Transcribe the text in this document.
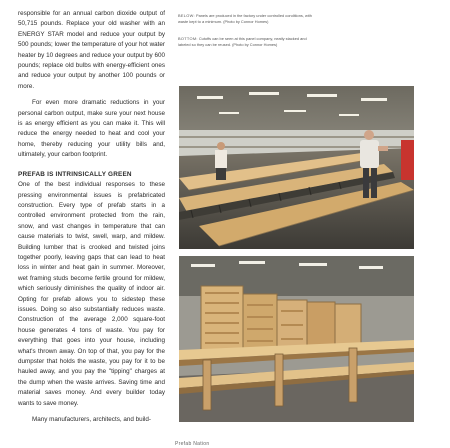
· · ·

responsible for an annual carbon dioxide output of 50,715 pounds. Replace your old washer with an ENERGY STAR model and reduce your output by 500 pounds; lower the temperature of your hot water heater by 10 degrees and reduce your output by 600 pounds; replace old bulbs with energy-efficient ones and reduce your output by another 100 pounds or more.

For even more dramatic reductions in your personal carbon output, make sure your next house is as energy efficient as you can make it. This will reduce the energy needed to heat and cool your home, thereby reducing your utility bills and, ultimately, your carbon footprint.

PREFAB IS INTRINSICALLY GREEN

One of the best individual responses to these pressing environmental issues is prefabricated construction. Every type of prefab starts in a controlled environment protected from the rain, snow, and vast changes in temperature that can cause materials to twist, swell, warp, and mildew. Building lumber that is crooked and twisted joins together poorly, leaving gaps that can lead to heat loss in winter and heat gain in summer. Moreover, wet framing studs become fertile ground for mildew, which seriously diminishes the quality of indoor air. Opting for prefab allows you to sidestep these issues. Doing so also substantially reduces waste. Construction of the average 2,000 square-foot house generates 4 tons of waste. You pay for everything that goes into your house, including what's thrown away. On top of that, you pay for the dumpster that holds the waste, you pay for it to be hauled away, and you pay the "tipping" charges at the dump when the waste arrives. Saving time and material saves money. And every builder today wants to save money.

Many manufacturers, architects, and build-

BELOW: Panels are produced in the factory under controlled conditions, with waste kept to a minimum. (Photo by Connor Homes)
BOTTOM: Cutoffs can be seen at this panel company, neatly stacked and labeled so they can be reused. (Photo by Connor Homes)
Prefab Nation
